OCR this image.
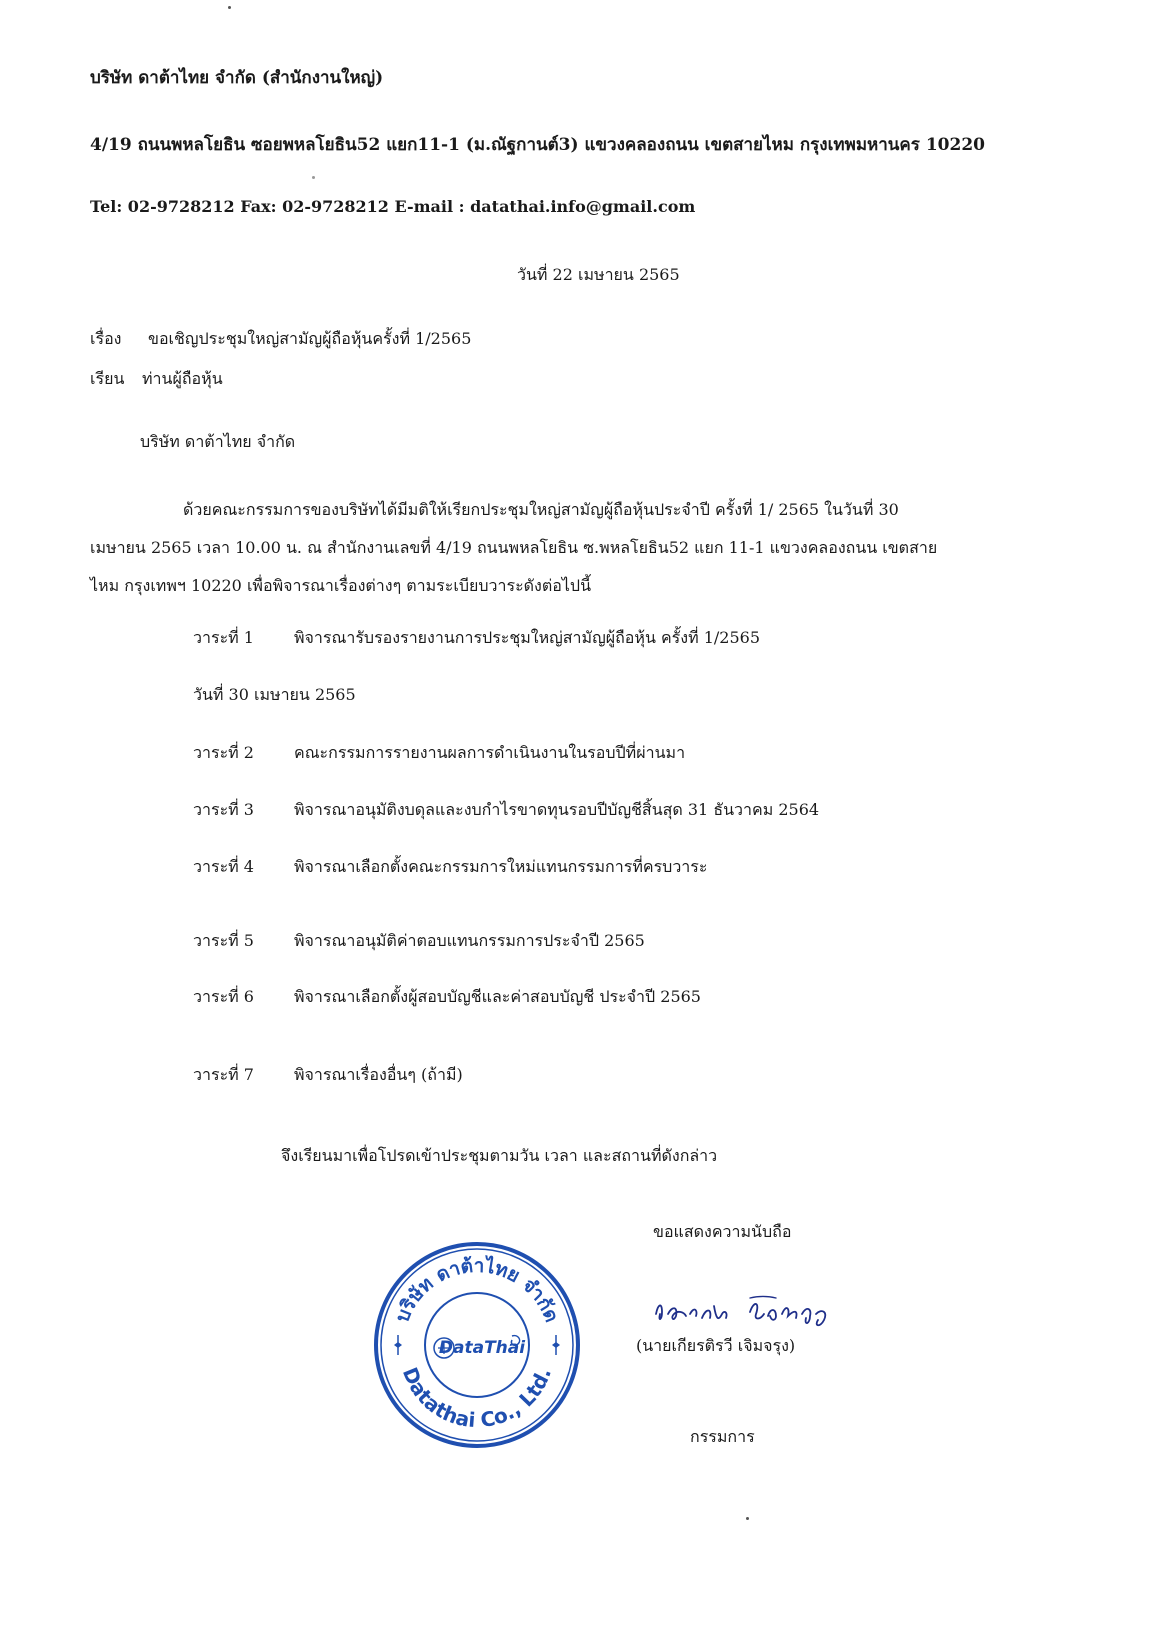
บริษัท ดาต้าไทย จำกัด (สำนักงานใหญ่)
4/19 ถนนพหลโยธิน ซอยพหลโยธิน52 แยก11-1 (ม.ณัฐกานต์3) แขวงคลองถนน เขตสายไหม กรุงเทพมหานคร 10220
Tel: 02-9728212 Fax: 02-9728212 E-mail : datathai.info@gmail.com
วันที่ 22 เมษายน 2565
เรื่อง ขอเชิญประชุมใหญ่สามัญผู้ถือหุ้นครั้งที่ 1/2565
เรียน ท่านผู้ถือหุ้น
บริษัท ดาต้าไทย จำกัด
ด้วยคณะกรรมการของบริษัทได้มีมติให้เรียกประชุมใหญ่สามัญผู้ถือหุ้นประจำปี ครั้งที่ 1/ 2565 ในวันที่ 30
เมษายน 2565 เวลา 10.00 น. ณ สำนักงานเลขที่ 4/19 ถนนพหลโยธิน ซ.พหลโยธิน52 แยก 11-1 แขวงคลองถนน เขตสาย
ไหม กรุงเทพฯ 10220 เพื่อพิจารณาเรื่องต่างๆ ตามระเบียบวาระดังต่อไปนี้
วาระที่ 1	พิจารณารับรองรายงานการประชุมใหญ่สามัญผู้ถือหุ้น ครั้งที่ 1/2565
วันที่ 30 เมษายน 2565
วาระที่ 2	คณะกรรมการรายงานผลการดำเนินงานในรอบปีที่ผ่านมา
วาระที่ 3	พิจารณาอนุมัติงบดุลและงบกำไรขาดทุนรอบปีบัญชีสิ้นสุด 31 ธันวาคม 2564
วาระที่ 4	พิจารณาเลือกตั้งคณะกรรมการใหม่แทนกรรมการที่ครบวาระ
วาระที่ 5	พิจารณาอนุมัติค่าตอบแทนกรรมการประจำปี 2565
วาระที่ 6	พิจารณาเลือกตั้งผู้สอบบัญชีและค่าสอบบัญชี ประจำปี 2565
วาระที่ 7	พิจารณาเรื่องอื่นๆ (ถ้ามี)
จึงเรียนมาเพื่อโปรดเข้าประชุมตามวัน เวลา และสถานที่ดังกล่าว
ขอแสดงความนับถือ
(นายเกียรติรวี เจิมจรุง)
กรรมการ
บริษัท ดาต้าไทย จำกัด
Datathai Co., Ltd.
DataThai
